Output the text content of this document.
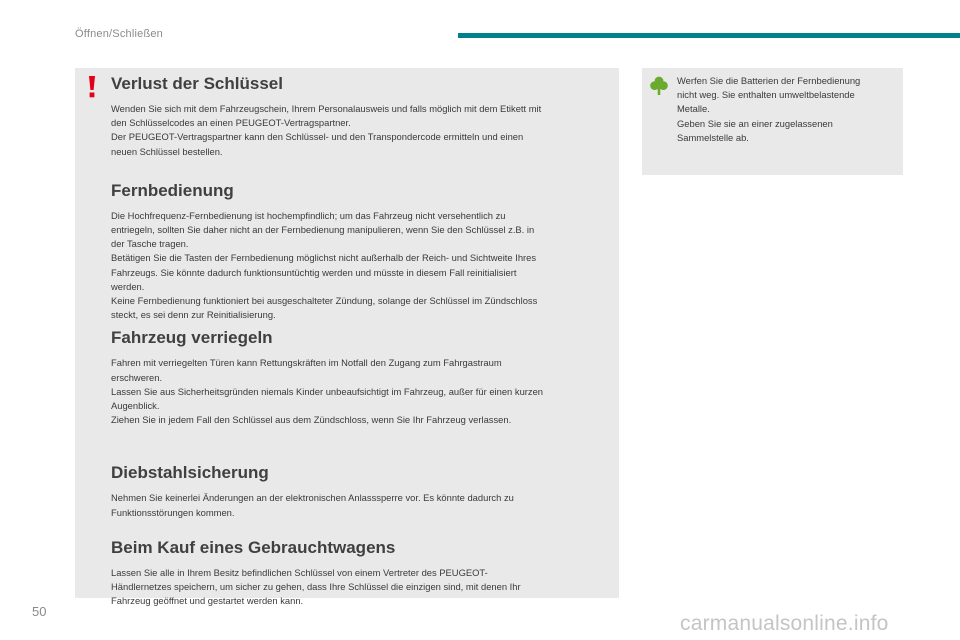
Öffnen/Schließen
Verlust der Schlüssel

Wenden Sie sich mit dem Fahrzeugschein, Ihrem Personalausweis und falls möglich mit dem Etikett mit
den Schlüsselcodes an einen PEUGEOT-Vertragspartner.
Der PEUGEOT-Vertragspartner kann den Schlüssel- und den Transpondercode ermitteln und einen
neuen Schlüssel bestellen.

Fernbedienung

Die Hochfrequenz-Fernbedienung ist hochempfindlich; um das Fahrzeug nicht versehentlich zu
entriegeln, sollten Sie daher nicht an der Fernbedienung manipulieren, wenn Sie den Schlüssel z.B. in
der Tasche tragen.
Betätigen Sie die Tasten der Fernbedienung möglichst nicht außerhalb der Reich- und Sichtweite Ihres
Fahrzeugs. Sie könnte dadurch funktionsuntüchtig werden und müsste in diesem Fall reinitialisiert
werden.
Keine Fernbedienung funktioniert bei ausgeschalteter Zündung, solange der Schlüssel im Zündschloss
steckt, es sei denn zur Reinitialisierung.

Fahrzeug verriegeln

Fahren mit verriegelten Türen kann Rettungskräften im Notfall den Zugang zum Fahrgastraum
erschweren.
Lassen Sie aus Sicherheitsgründen niemals Kinder unbeaufsichtigt im Fahrzeug, außer für einen kurzen
Augenblick.
Ziehen Sie in jedem Fall den Schlüssel aus dem Zündschloss, wenn Sie Ihr Fahrzeug verlassen.

Diebstahlsicherung

Nehmen Sie keinerlei Änderungen an der elektronischen Anlasssperre vor. Es könnte dadurch zu
Funktionsstörungen kommen.

Beim Kauf eines Gebrauchtwagens

Lassen Sie alle in Ihrem Besitz befindlichen Schlüssel von einem Vertreter des PEUGEOT-
Händlernetzes speichern, um sicher zu gehen, dass Ihre Schlüssel die einzigen sind, mit denen Ihr
Fahrzeug geöffnet und gestartet werden kann.

Werfen Sie die Batterien der Fernbedienung
nicht weg. Sie enthalten umweltbelastende
Metalle.
Geben Sie sie an einer zugelassenen
Sammelstelle ab.

50
carmanualsonline.info
